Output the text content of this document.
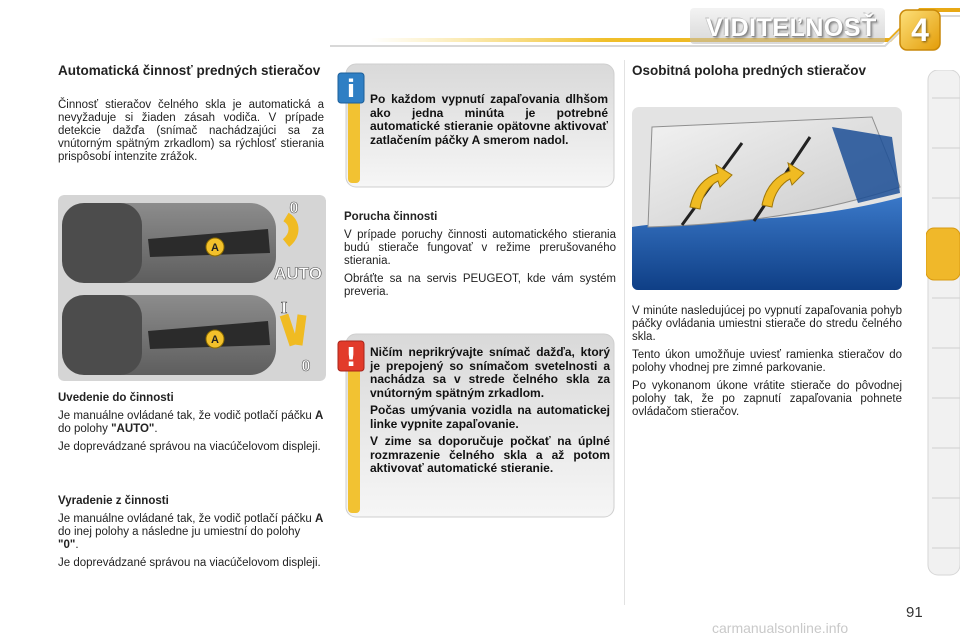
VIDITEĽNOSŤ	4
Automatická činnosť predných stieračov

Činnosť stieračov čelného skla je automatická a nevyžaduje si žiaden zásah vodiča. V prípade detekcie dažďa (snímač nachádzajúci sa za vnútorným spätným zrkadlom) sa rýchlosť stierania prispôsobí intenzite zrážok.

A
A
0
AUTO
I
0
Uvedenie do činnosti

Je manuálne ovládané tak, že vodič potlačí páčku A do polohy "AUTO".

Je doprevádzané správou na viacúčelovom displeji.

Vyradenie z činnosti

Je manuálne ovládané tak, že vodič potlačí páčku A do inej polohy a následne ju umiestní do polohy "0".

Je doprevádzané správou na viacúčelovom displeji.

i Po každom vypnutí zapaľovania dlhšom ako jedna minúta je potrebné automatické stieranie opätovne aktivovať zatlačením páčky A smerom nadol.

Porucha činnosti

V prípade poruchy činnosti automatického stierania budú stierače fungovať v režime prerušovaného stierania.

Obráťte sa na servis PEUGEOT, kde vám systém preveria.

! Ničím neprikrývajte snímač dažďa, ktorý je prepojený so snímačom svetelnosti a nachádza sa v strede čelného skla za vnútorným spätným zrkadlom.

Počas umývania vozidla na automatickej linke vypnite zapaľovanie.

V zime sa doporučuje počkať na úplné rozmrazenie čelného skla a až potom aktivovať automatické stieranie.

Osobitná poloha predných stieračov

V minúte nasledujúcej po vypnutí zapaľovania pohyb páčky ovládania umiestni stierače do stredu čelného skla.

Tento úkon umožňuje uviesť ramienka stieračov do polohy vhodnej pre zimné parkovanie.

Po vykonanom úkone vrátite stierače do pôvodnej polohy tak, že po zapnutí zapaľovania pohnete ovládačom stieračov.

91
carmanualsonline.info
